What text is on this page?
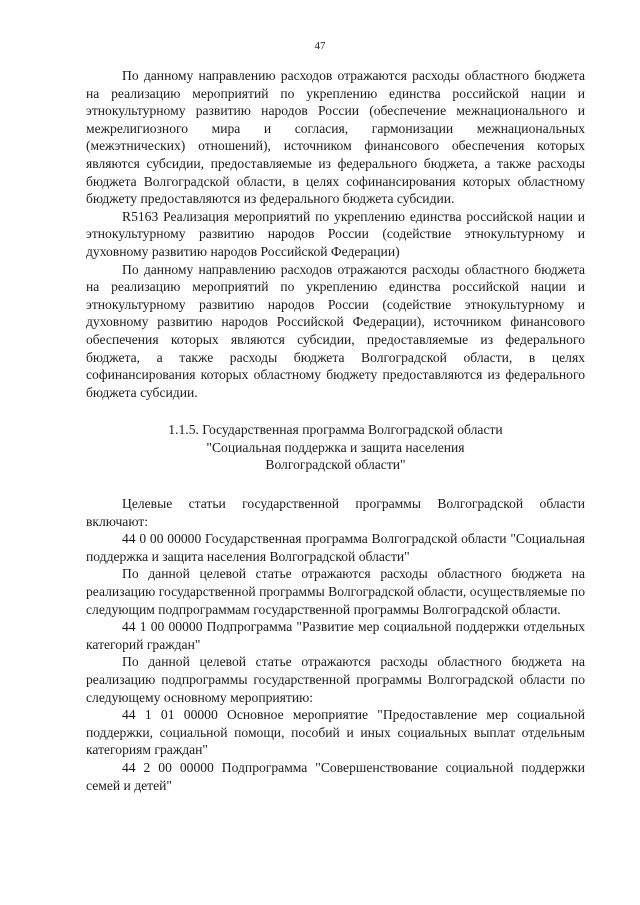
47

По данному направлению расходов отражаются расходы областного бюджета на реализацию мероприятий по укреплению единства российской нации и этнокультурному развитию народов России (обеспечение межнационального и межрелигиозного мира и согласия, гармонизации межнациональных (межэтнических) отношений), источником финансового обеспечения которых являются субсидии, предоставляемые из федерального бюджета, а также расходы бюджета Волгоградской области, в целях софинансирования которых областному бюджету предоставляются из федерального бюджета субсидии.

R5163 Реализация мероприятий по укреплению единства российской нации и этнокультурному развитию народов России (содействие этнокультурному и духовному развитию народов Российской Федерации)

По данному направлению расходов отражаются расходы областного бюджета на реализацию мероприятий по укреплению единства российской нации и этнокультурному развитию народов России (содействие этнокультурному и духовному развитию народов Российской Федерации), источником финансового обеспечения которых являются субсидии, предоставляемые из федерального бюджета, а также расходы бюджета Волгоградской области, в целях софинансирования которых областному бюджету предоставляются из федерального бюджета субсидии.

1.1.5. Государственная программа Волгоградской области
"Социальная поддержка и защита населения
Волгоградской области"

Целевые статьи государственной программы Волгоградской области включают:

44 0 00 00000 Государственная программа Волгоградской области "Социальная поддержка и защита населения Волгоградской области"

По данной целевой статье отражаются расходы областного бюджета на реализацию государственной программы Волгоградской области, осуществляемые по следующим подпрограммам государственной программы Волгоградской области.

44 1 00 00000 Подпрограмма "Развитие мер социальной поддержки отдельных категорий граждан"

По данной целевой статье отражаются расходы областного бюджета на реализацию подпрограммы государственной программы Волгоградской области по следующему основному мероприятию:

44 1 01 00000 Основное мероприятие "Предоставление мер социальной поддержки, социальной помощи, пособий и иных социальных выплат отдельным категориям граждан"

44 2 00 00000 Подпрограмма "Совершенствование социальной поддержки семей и детей"
